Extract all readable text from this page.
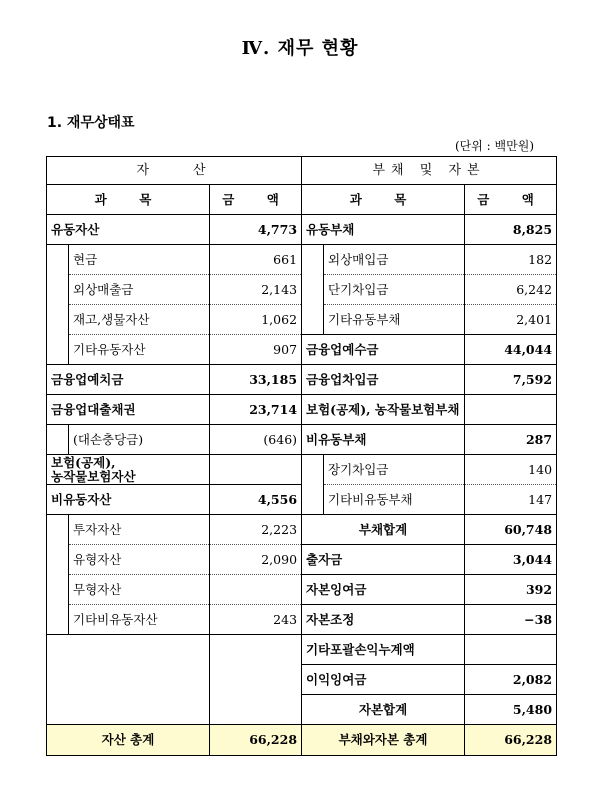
Ⅳ. 재무 현황
1. 재무상태표
(단위 : 백만원)
자　　산			부채 및 자본		
과　목		금　액	과　목		금　액
유동자산		4,773	유동부채		8,825
	현금	661		외상매입금	182
	외상매출금	2,143		단기차입금	6,242
	재고,생물자산	1,062		기타유동부채	2,401
	기타유동자산	907	금융업예수금		44,044
금융업예치금		33,185	금융업차입금		7,592
금융업대출채권		23,714	보험(공제), 농작물보험부채		
	(대손충당금)	(646)	비유동부채		287
보험(공제),
농작물보험자산				장기차입금	140
비유동자산		4,556		기타비유동부채	147
	투자자산	2,223	부채합계		60,748
	유형자산	2,090	출자금		3,044
	무형자산		자본잉여금		392
	기타비유동자산	243	자본조정		−38
			기타포괄손익누계액		
			이익잉여금		2,082
			자본합계		5,480
자산 총계		66,228	부채와자본 총계		66,228
